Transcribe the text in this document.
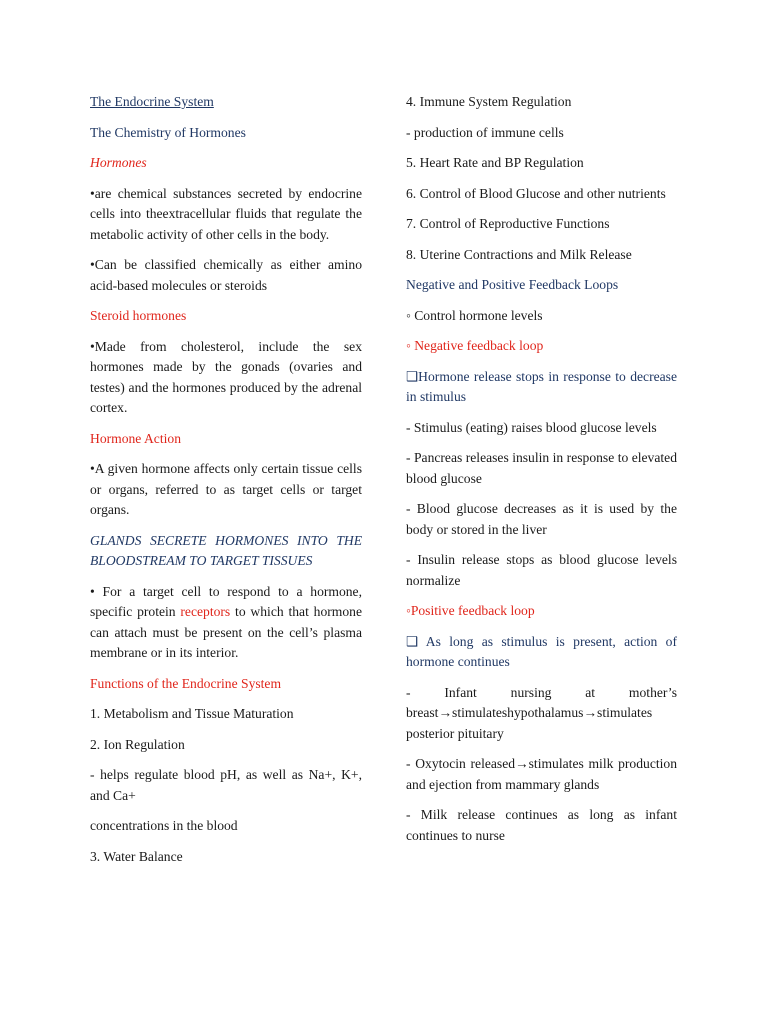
The Endocrine System

The Chemistry of Hormones

Hormones

•are chemical substances secreted by endocrine cells into theextracellular fluids that regulate the metabolic activity of other cells in the body.

•Can be classified chemically as either amino acid-based molecules or steroids

Steroid hormones

•Made from cholesterol, include the sex hormones made by the gonads (ovaries and testes) and the hormones produced by the adrenal cortex.

Hormone Action

•A given hormone affects only certain tissue cells or organs, referred to as target cells or target organs.

GLANDS SECRETE HORMONES INTO THE BLOODSTREAM TO TARGET TISSUES

• For a target cell to respond to a hormone, specific protein receptors to which that hormone can attach must be present on the cell’s plasma membrane or in its interior.

Functions of the Endocrine System

1. Metabolism and Tissue Maturation

2. Ion Regulation

- helps regulate blood pH, as well as Na+, K+, and Ca+

concentrations in the blood

3. Water Balance

4. Immune System Regulation

- production of immune cells

5. Heart Rate and BP Regulation

6. Control of Blood Glucose and other nutrients

7. Control of Reproductive Functions

8. Uterine Contractions and Milk Release

Negative and Positive Feedback Loops

◦ Control hormone levels

◦ Negative feedback loop

❑Hormone release stops in response to decrease in stimulus

- Stimulus (eating) raises blood glucose levels

- Pancreas releases insulin in response to elevated blood glucose

- Blood glucose decreases as it is used by the body or stored in the liver

- Insulin release stops as blood glucose levels normalize

◦Positive feedback loop

❑ As long as stimulus is present, action of hormone continues

- Infant nursing at mother’s breast→stimulateshypothalamus→stimulates posterior pituitary

- Oxytocin released→stimulates milk production and ejection from mammary glands

- Milk release continues as long as infant continues to nurse
